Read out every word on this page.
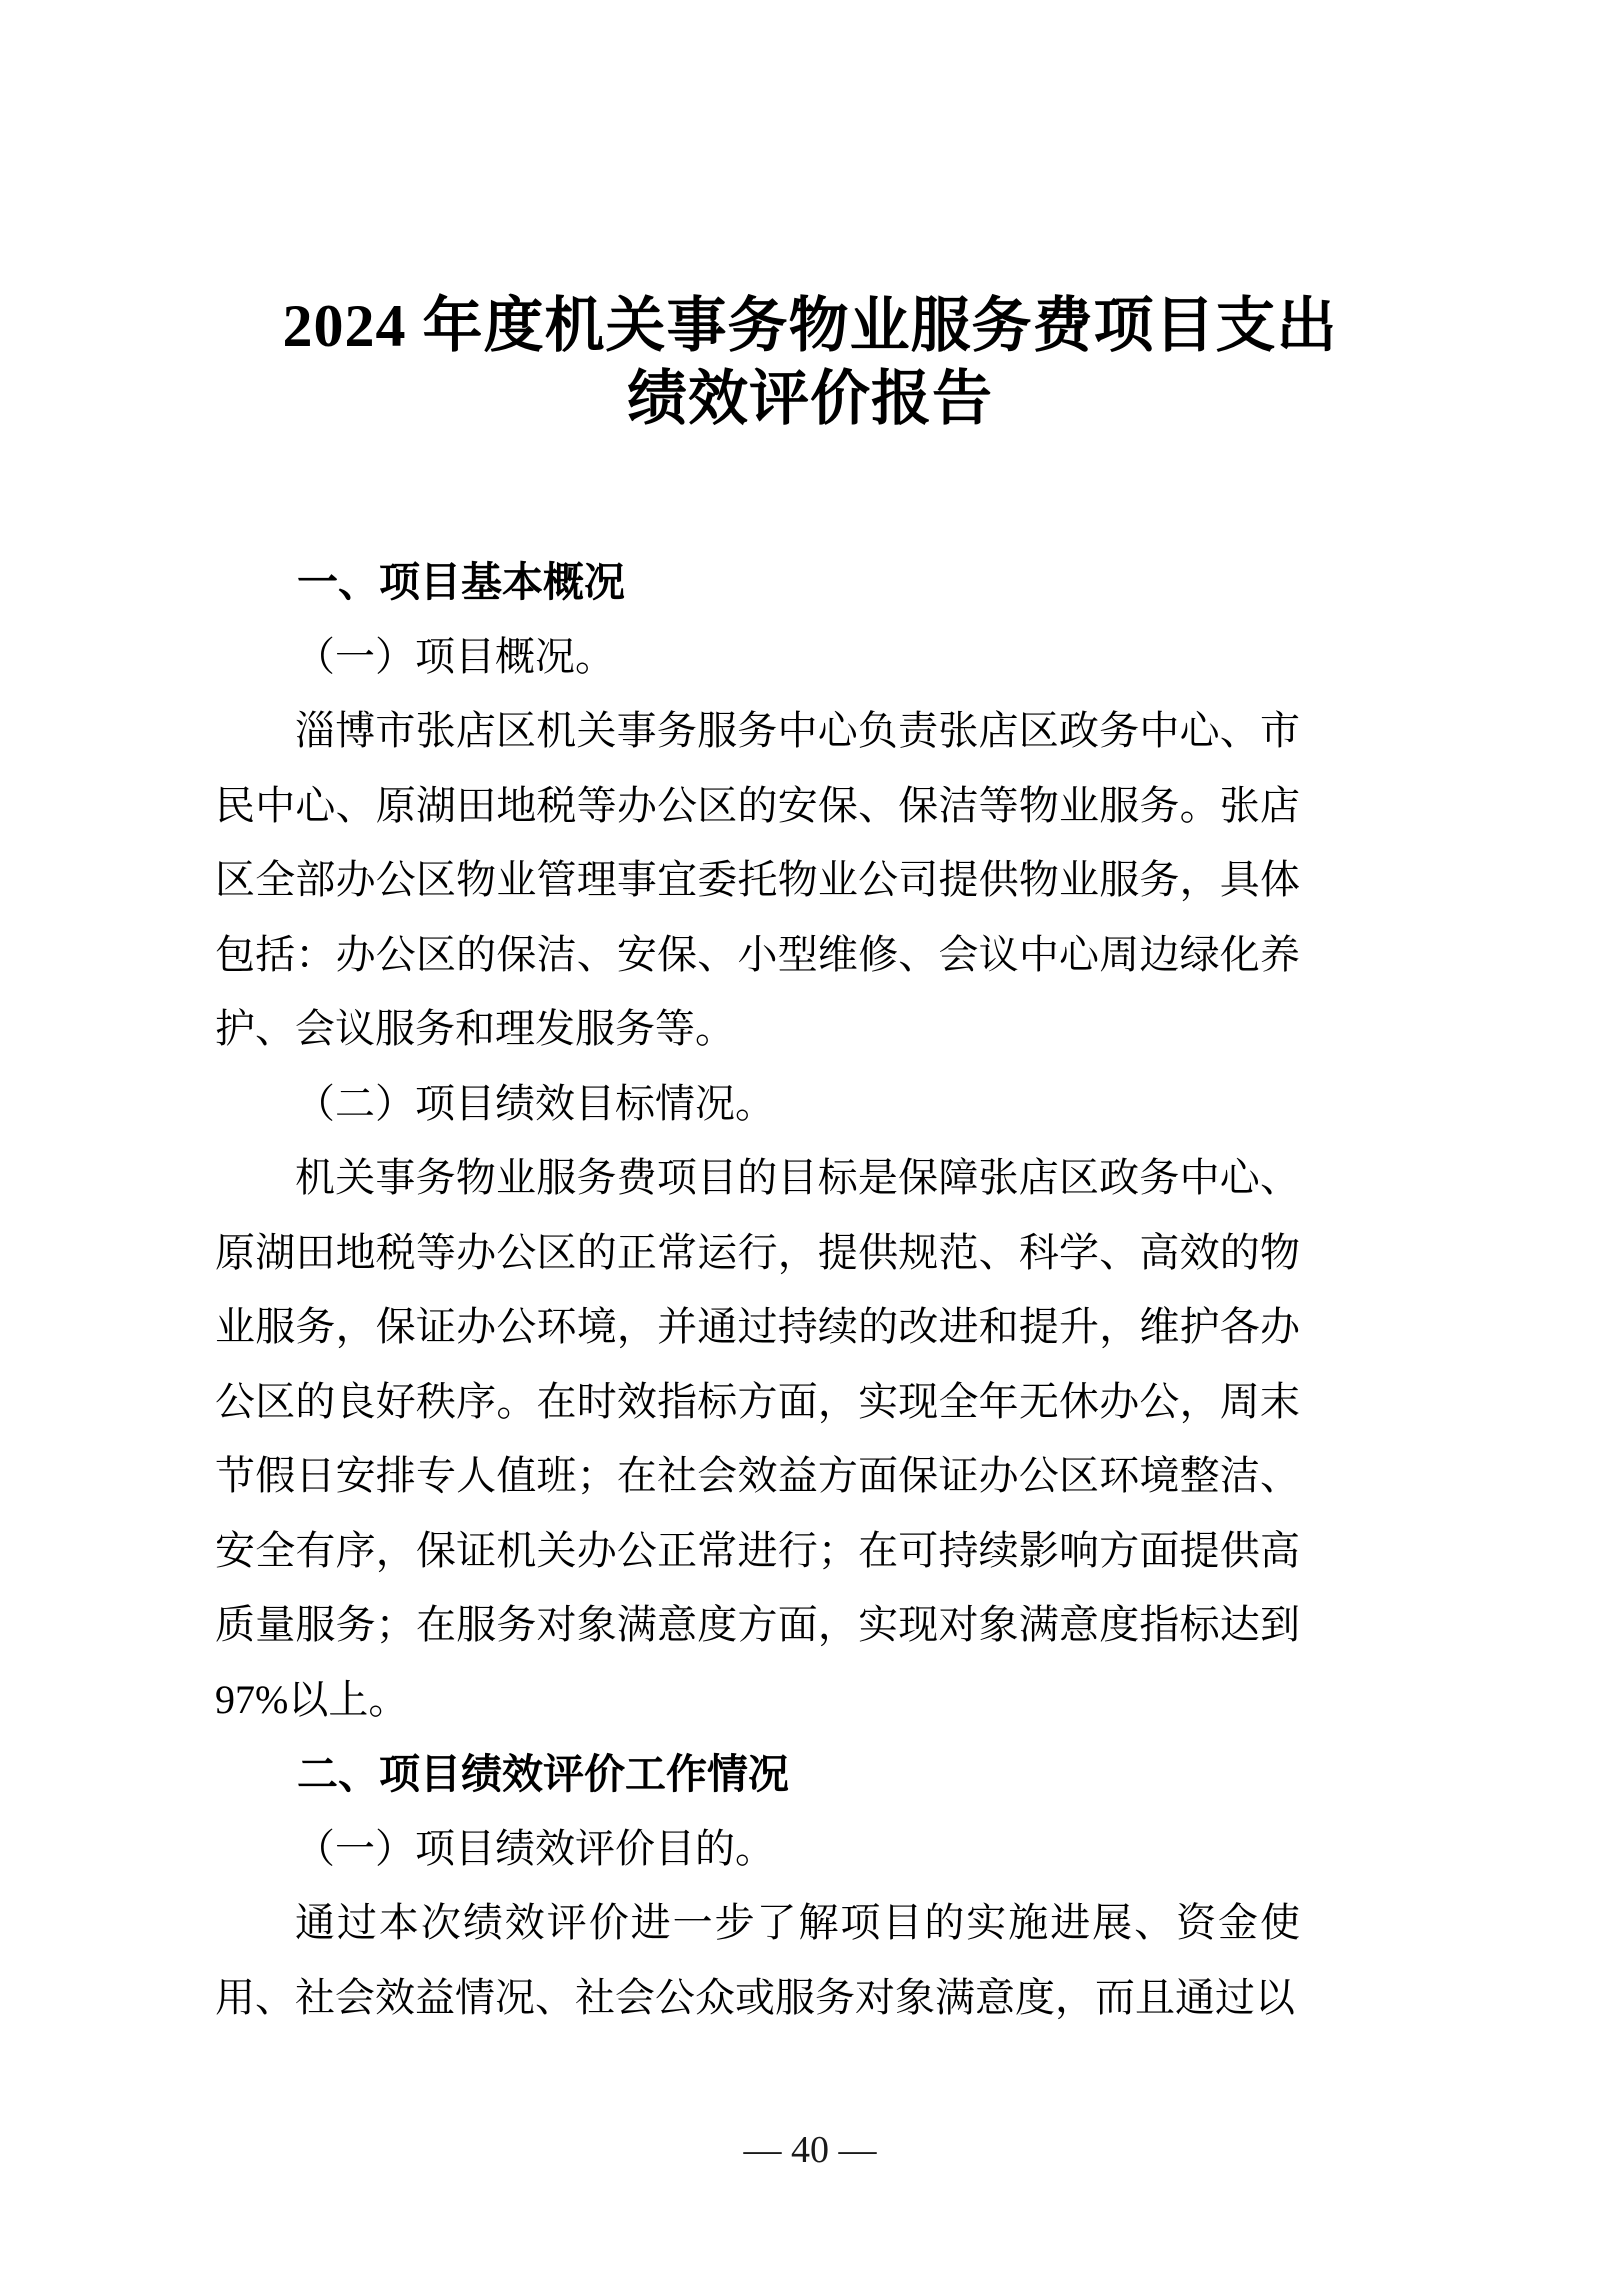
2024 年度机关事务物业服务费项目支出
绩效评价报告
一、项目基本概况
（一）项目概况。

淄博市张店区机关事务服务中心负责张店区政务中心、市民中心、原湖田地税等办公区的安保、保洁等物业服务。张店区全部办公区物业管理事宜委托物业公司提供物业服务，具体包括：办公区的保洁、安保、小型维修、会议中心周边绿化养护、会议服务和理发服务等。

（二）项目绩效目标情况。

机关事务物业服务费项目的目标是保障张店区政务中心、原湖田地税等办公区的正常运行，提供规范、科学、高效的物业服务，保证办公环境，并通过持续的改进和提升，维护各办公区的良好秩序。在时效指标方面，实现全年无休办公，周末节假日安排专人值班；在社会效益方面保证办公区环境整洁、安全有序，保证机关办公正常进行；在可持续影响方面提供高质量服务；在服务对象满意度方面，实现对象满意度指标达到97%以上。

二、项目绩效评价工作情况
（一）项目绩效评价目的。

通过本次绩效评价进一步了解项目的实施进展、资金使用、社会效益情况、社会公众或服务对象满意度，而且通过以

— 40 —
